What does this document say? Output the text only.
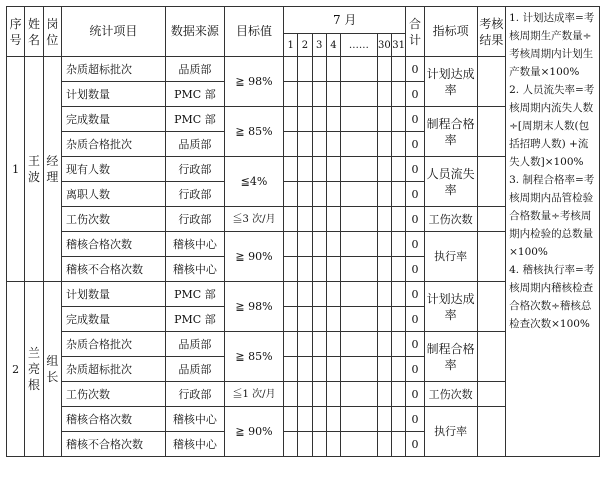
序号	姓名	岗位	统计项目	数据来源	目标值	7 月							合计	指标项	考核结果	1. 计划达成率=考核周期生产数量÷考核周期内计划生产数量×100%
2. 人员流失率=考核周期内流失人数÷[周期末人数(包括招聘人数) +流失人数]×100%
3. 制程合格率=考核周期内品管检验合格数量÷考核周期内检验的总数量×100%
4. 稽核执行率=考核周期内稽核检查合格次数÷稽核总检查次数×100%

						1	2	3	4	……	30	31				
1	王波	经理	杂质超标批次	品质部	≧ 98%								0	计划达成率		
			计划数量	PMC 部									0			
			完成数量	PMC 部	≧ 85%								0	制程合格率		
			杂质合格批次	品质部									0			
			现有人数	行政部	≦4%								0	人员流失率		
			离职人数	行政部									0			
			工伤次数	行政部	≦3 次/月								0	工伤次数		
			稽核合格次数	稽核中心	≧ 90%								0	执行率		
			稽核不合格次数	稽核中心									0			
2	兰亮根	组长	计划数量	PMC 部	≧ 98%								0	计划达成率		
			完成数量	PMC 部									0			
			杂质合格批次	品质部	≧ 85%								0	制程合格率		
			杂质超标批次	品质部									0			
			工伤次数	行政部	≦1 次/月								0	工伤次数		
			稽核合格次数	稽核中心	≧ 90%								0	执行率		
			稽核不合格次数	稽核中心									0			
